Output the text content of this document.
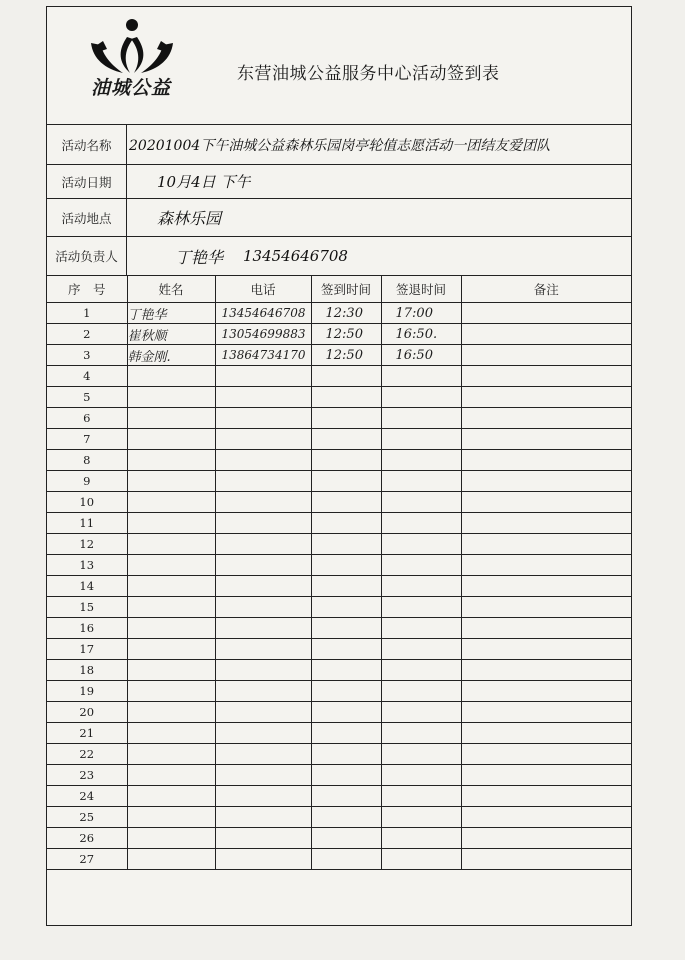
油城公益
东营油城公益服务中心活动签到表
活动名称	20201004下午油城公益森林乐园岗亭轮值志愿活动一团结友爱团队
活动日期	10月4日 下午
活动地点	森林乐园
活动负责人	丁艳华 13454646708
序　号	姓名	电话	签到时间	签退时间	备注
1	丁艳华	13454646708	12:30	17:00	
2	崔秋顺	13054699883	12:50	16:50.	
3	韩金刚.	13864734170	12:50	16:50	
4					
5					
6					
7					
8					
9					
10					
11					
12					
13					
14					
15					
16					
17					
18					
19					
20					
21					
22					
23					
24					
25					
26					
27					
